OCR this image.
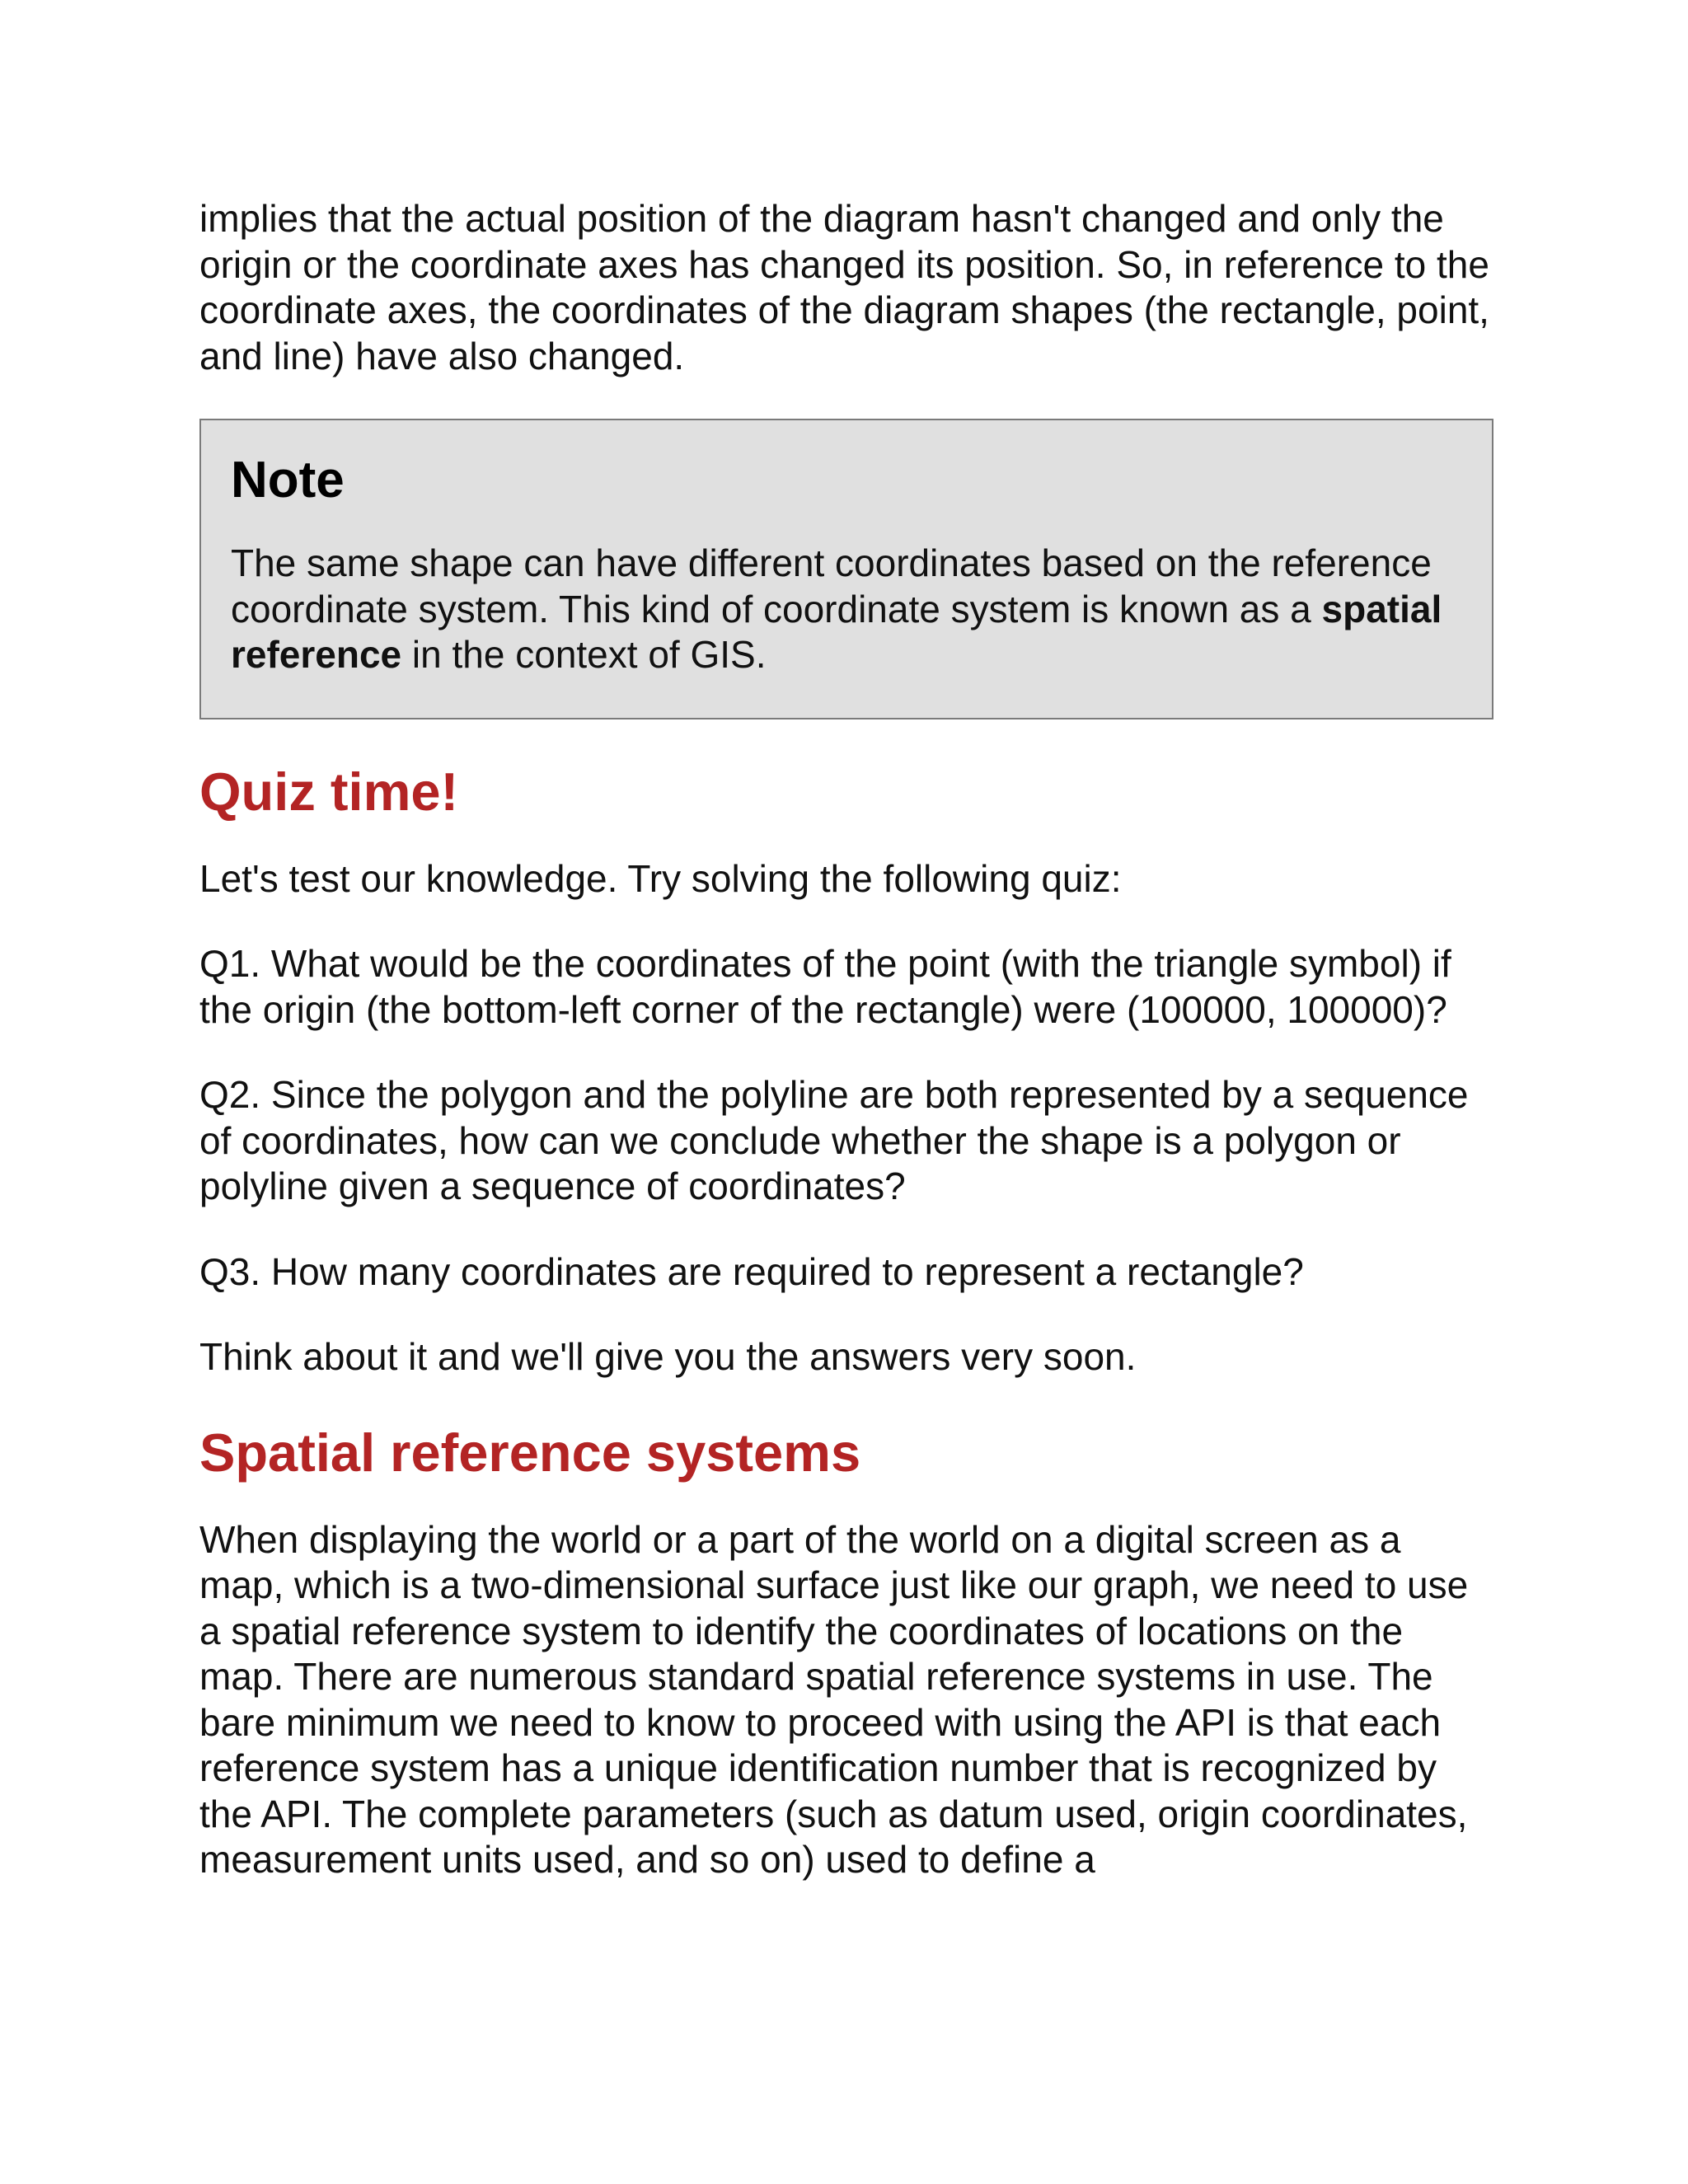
implies that the actual position of the diagram hasn't changed and only the origin or the coordinate axes has changed its position. So, in reference to the coordinate axes, the coordinates of the diagram shapes (the rectangle, point, and line) have also changed.

Note

The same shape can have different coordinates based on the reference coordinate system. This kind of coordinate system is known as a spatial reference in the context of GIS.

Quiz time!

Let's test our knowledge. Try solving the following quiz:

Q1. What would be the coordinates of the point (with the triangle symbol) if the origin (the bottom-left corner of the rectangle) were (100000, 100000)?

Q2. Since the polygon and the polyline are both represented by a sequence of coordinates, how can we conclude whether the shape is a polygon or polyline given a sequence of coordinates?

Q3. How many coordinates are required to represent a rectangle?

Think about it and we'll give you the answers very soon.

Spatial reference systems

When displaying the world or a part of the world on a digital screen as a map, which is a two-dimensional surface just like our graph, we need to use a spatial reference system to identify the coordinates of locations on the map. There are numerous standard spatial reference systems in use. The bare minimum we need to know to proceed with using the API is that each reference system has a unique identification number that is recognized by the API. The complete parameters (such as datum used, origin coordinates, measurement units used, and so on) used to define a
